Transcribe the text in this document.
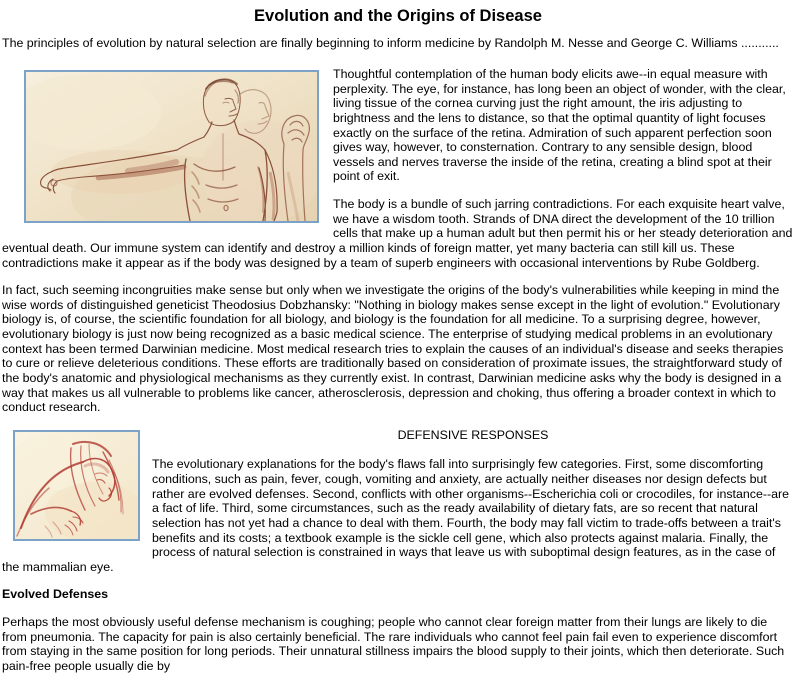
Evolution and the Origins of Disease
The principles of evolution by natural selection are finally beginning to inform medicine by Randolph M. Nesse and George C. Williams ...........

Thoughtful contemplation of the human body elicits awe--in equal measure with perplexity. The eye, for instance, has long been an object of wonder, with the clear, living tissue of the cornea curving just the right amount, the iris adjusting to brightness and the lens to distance, so that the optimal quantity of light focuses exactly on the surface of the retina. Admiration of such apparent perfection soon gives way, however, to consternation. Contrary to any sensible design, blood vessels and nerves traverse the inside of the retina, creating a blind spot at their point of exit.

The body is a bundle of such jarring contradictions. For each exquisite heart valve, we have a wisdom tooth. Strands of DNA direct the development of the 10 trillion cells that make up a human adult but then permit his or her steady deterioration and eventual death. Our immune system can identify and destroy a million kinds of foreign matter, yet many bacteria can still kill us. These contradictions make it appear as if the body was designed by a team of superb engineers with occasional interventions by Rube Goldberg.

In fact, such seeming incongruities make sense but only when we investigate the origins of the body's vulnerabilities while keeping in mind the wise words of distinguished geneticist Theodosius Dobzhansky: "Nothing in biology makes sense except in the light of evolution." Evolutionary biology is, of course, the scientific foundation for all biology, and biology is the foundation for all medicine. To a surprising degree, however, evolutionary biology is just now being recognized as a basic medical science. The enterprise of studying medical problems in an evolutionary context has been termed Darwinian medicine. Most medical research tries to explain the causes of an individual's disease and seeks therapies to cure or relieve deleterious conditions. These efforts are traditionally based on consideration of proximate issues, the straightforward study of the body's anatomic and physiological mechanisms as they currently exist. In contrast, Darwinian medicine asks why the body is designed in a way that makes us all vulnerable to problems like cancer, atherosclerosis, depression and choking, thus offering a broader context in which to conduct research.

DEFENSIVE RESPONSES

The evolutionary explanations for the body's flaws fall into surprisingly few categories. First, some discomforting conditions, such as pain, fever, cough, vomiting and anxiety, are actually neither diseases nor design defects but rather are evolved defenses. Second, conflicts with other organisms--Escherichia coli or crocodiles, for instance--are a fact of life. Third, some circumstances, such as the ready availability of dietary fats, are so recent that natural selection has not yet had a chance to deal with them. Fourth, the body may fall victim to trade-offs between a trait's benefits and its costs; a textbook example is the sickle cell gene, which also protects against malaria. Finally, the process of natural selection is constrained in ways that leave us with suboptimal design features, as in the case of the mammalian eye.

Evolved Defenses

Perhaps the most obviously useful defense mechanism is coughing; people who cannot clear foreign matter from their lungs are likely to die from pneumonia. The capacity for pain is also certainly beneficial. The rare individuals who cannot feel pain fail even to experience discomfort from staying in the same position for long periods. Their unnatural stillness impairs the blood supply to their joints, which then deteriorate. Such pain-free people usually die by
